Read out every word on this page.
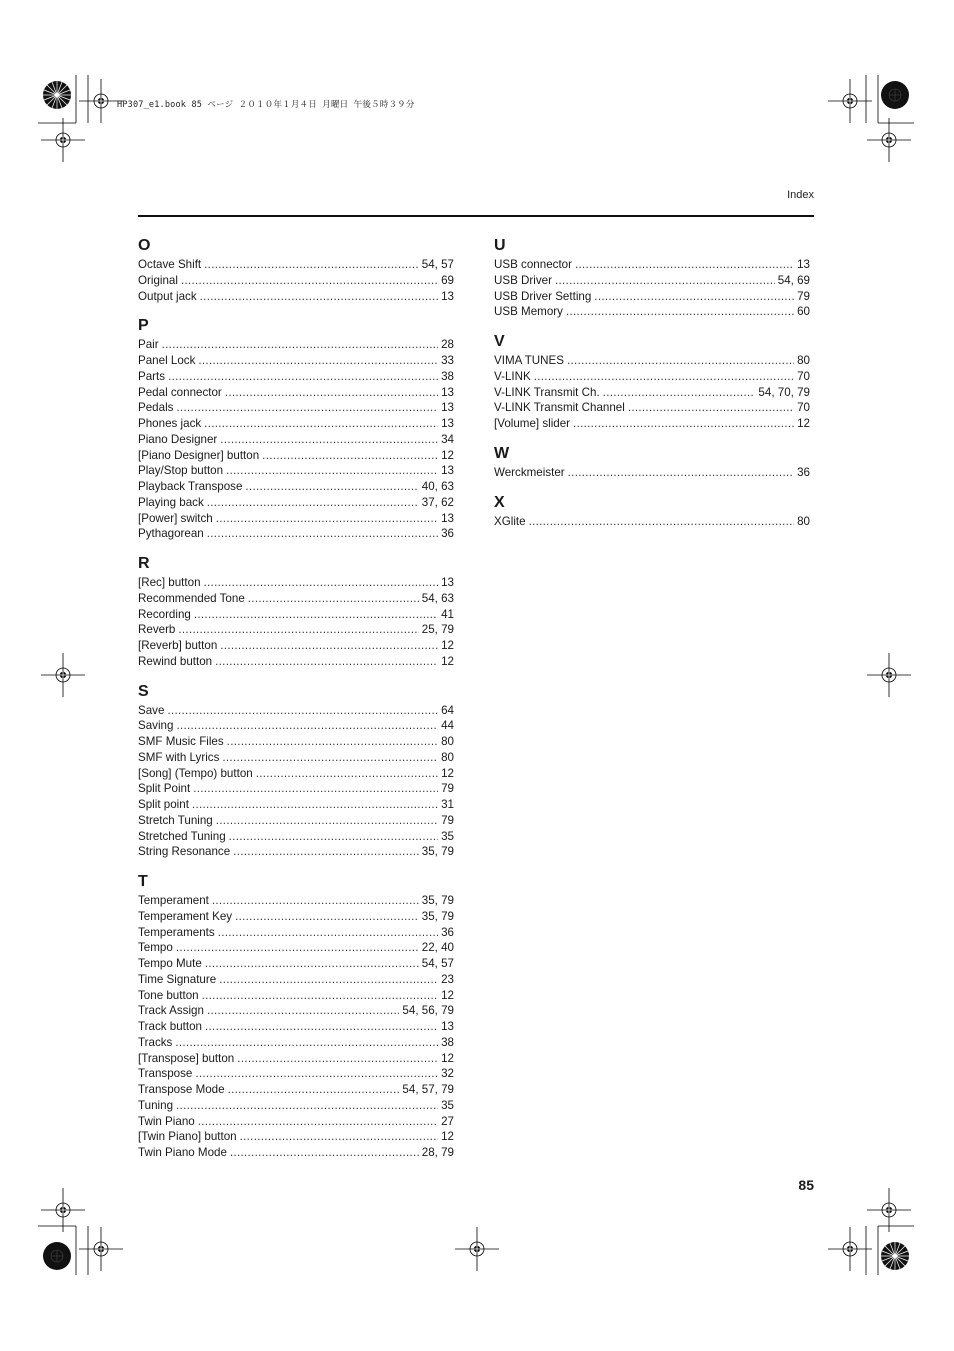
HP307_e1.book 85 ページ ２０１０年１月４日 月曜日 午後５時３９分
Index
O
Octave Shift .....	54, 57
Original .....	69
Output jack .....	13
P
Pair .....	28
Panel Lock .....	33
Parts .....	38
Pedal connector .....	13
Pedals .....	13
Phones jack .....	13
Piano Designer .....	34
[Piano Designer] button .....	12
Play/Stop button .....	13
Playback Transpose .....	40, 63
Playing back .....	37, 62
[Power] switch .....	13
Pythagorean .....	36
R
[Rec] button .....	13
Recommended Tone .....	54, 63
Recording .....	41
Reverb .....	25, 79
[Reverb] button .....	12
Rewind button .....	12
S
Save .....	64
Saving .....	44
SMF Music Files .....	80
SMF with Lyrics .....	80
[Song] (Tempo) button .....	12
Split Point .....	79
Split point .....	31
Stretch Tuning .....	79
Stretched Tuning .....	35
String Resonance .....	35, 79
T
Temperament .....	35, 79
Temperament Key .....	35, 79
Temperaments .....	36
Tempo .....	22, 40
Tempo Mute .....	54, 57
Time Signature .....	23
Tone button .....	12
Track Assign .....	54, 56, 79
Track button .....	13
Tracks .....	38
[Transpose] button .....	12
Transpose .....	32
Transpose Mode .....	54, 57, 79
Tuning .....	35
Twin Piano .....	27
[Twin Piano] button .....	12
Twin Piano Mode .....	28, 79
U
USB connector .....	13
USB Driver .....	54, 69
USB Driver Setting .....	79
USB Memory .....	60
V
VIMA TUNES .....	80
V-LINK .....	70
V-LINK Transmit Ch. .....	54, 70, 79
V-LINK Transmit Channel .....	70
[Volume] slider .....	12
W
Werckmeister .....	36
X
XGlite .....	80
85
